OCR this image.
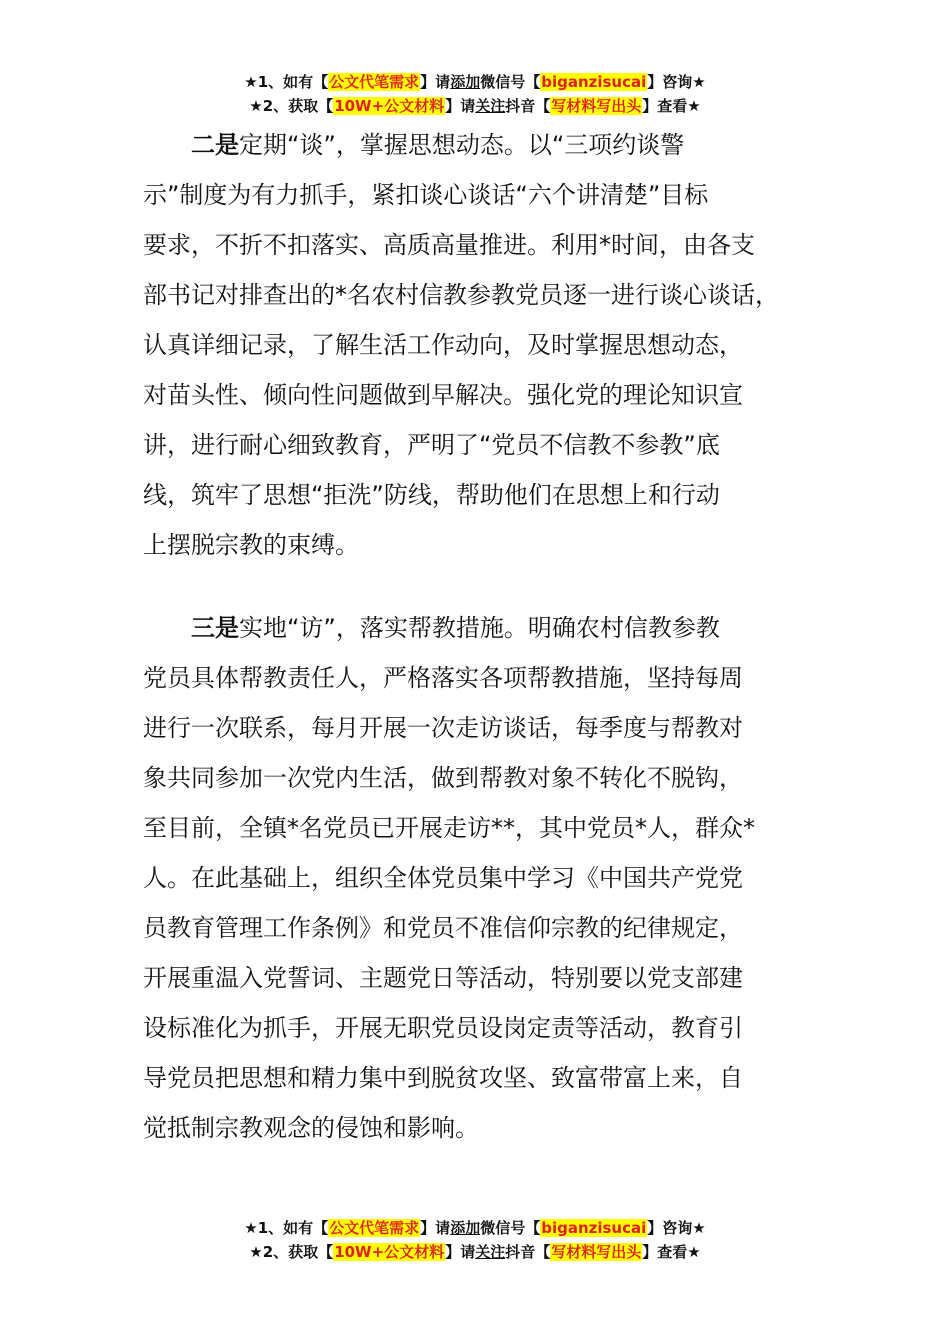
★1、如有【公文代笔需求】请添加微信号【biganzisucai】咨询★
★2、获取【10W+公文材料】请关注抖音【写材料写出头】查看★

二是定期“谈”，掌握思想动态。以“三项约谈警

示”制度为有力抓手，紧扣谈心谈话“六个讲清楚”目标

要求，不折不扣落实、高质高量推进。利用*时间，由各支

部书记对排查出的*名农村信教参教党员逐一进行谈心谈话，

认真详细记录，了解生活工作动向，及时掌握思想动态，

对苗头性、倾向性问题做到早解决。强化党的理论知识宣

讲，进行耐心细致教育，严明了“党员不信教不参教”底

线，筑牢了思想“拒洗”防线，帮助他们在思想上和行动

上摆脱宗教的束缚。

三是实地“访”，落实帮教措施。明确农村信教参教

党员具体帮教责任人，严格落实各项帮教措施，坚持每周

进行一次联系，每月开展一次走访谈话，每季度与帮教对

象共同参加一次党内生活，做到帮教对象不转化不脱钩，

至目前，全镇*名党员已开展走访**，其中党员*人，群众*

人。在此基础上，组织全体党员集中学习《中国共产党党

员教育管理工作条例》和党员不准信仰宗教的纪律规定，

开展重温入党誓词、主题党日等活动，特别要以党支部建

设标准化为抓手，开展无职党员设岗定责等活动，教育引

导党员把思想和精力集中到脱贫攻坚、致富带富上来，自

觉抵制宗教观念的侵蚀和影响。

★1、如有【公文代笔需求】请添加微信号【biganzisucai】咨询★
★2、获取【10W+公文材料】请关注抖音【写材料写出头】查看★
